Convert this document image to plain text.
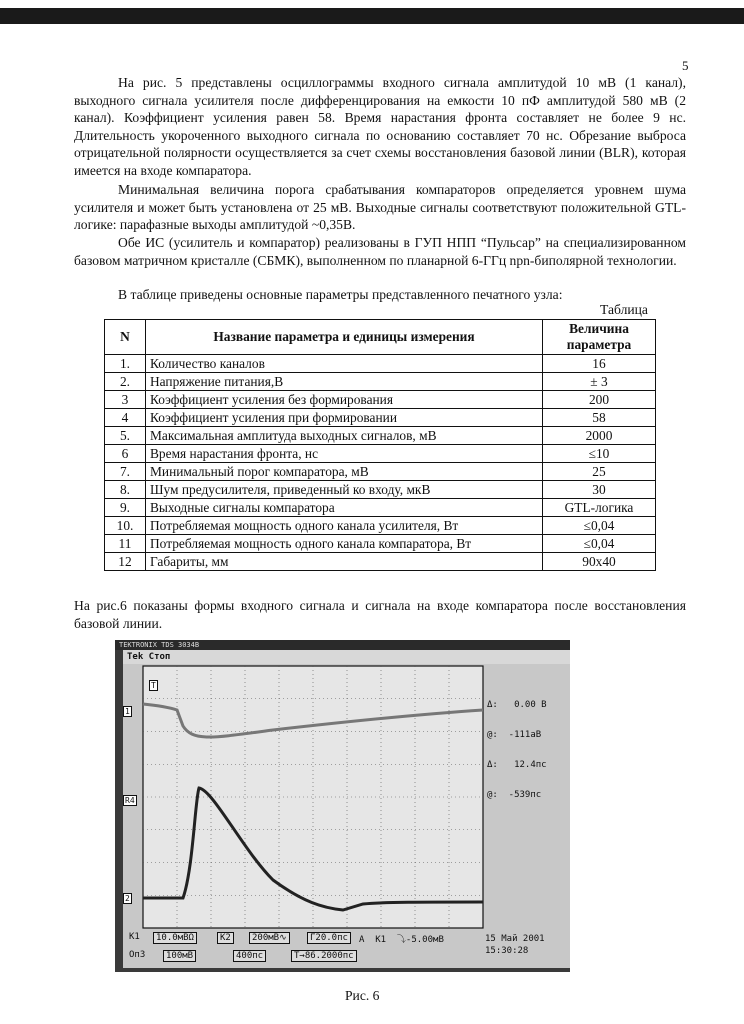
5

На рис. 5 представлены осциллограммы входного сигнала амплитудой 10 мВ (1 канал), выходного сигнала усилителя после дифференцирования на емкости 10 пФ амплитудой 580 мВ (2 канал). Коэффициент усиления равен 58. Время нарастания фронта составляет не более 9 нс. Длительность укороченного выходного сигнала по основанию составляет 70 нс. Обрезание выброса отрицательной полярности осуществляется за счет схемы восстановления базовой линии (BLR), которая имеется на входе компаратора.

Минимальная величина порога срабатывания компараторов определяется уровнем шума усилителя и может быть установлена от 25 мВ. Выходные сигналы соответствуют положительной GTL-логике: парафазные выходы амплитудой ~0,35В.

Обе ИС (усилитель и компаратор) реализованы в ГУП НПП “Пульсар” на специализированном базовом матричном кристалле (СБМК), выполненном по планарной 6-ГГц npn-биполярной технологии.

В таблице приведены основные параметры представленного печатного узла:

Таблица
N	Название параметра и единицы измерения	Величина параметра
1.	Количество каналов	16
2.	Напряжение питания,В	± 3
3	Коэффициент усиления без формирования	200
4	Коэффициент усиления при формировании	58
5.	Максимальная амплитуда выходных сигналов, мВ	2000
6	Время нарастания фронта, нс	≤10
7.	Минимальный порог компаратора, мВ	25
8.	Шум предусилителя, приведенный ко входу, мкВ	30
9.	Выходные сигналы компаратора	GTL-логика
10.	Потребляемая мощность одного канала усилителя, Вт	≤0,04
11	Потребляемая мощность одного канала компаратора, Вт	≤0,04
12	Габариты, мм	90x40

На рис.6 показаны формы входного сигнала и сигнала на входе компаратора после восстановления базовой линии.

TEKTRONIX TDS 3034B
Tek Стоп
T
1
R4
2

Δ:   0.00 В

@:  -111аВ

Δ:   12.4пс

@:  -539пс

K1	10.0мВΩ	К2	200мВ∿	Г20.0пс	A  K1  ⤵-5.00мВ
Оп3	100мВ	400пс	T→86.2000пс
15 Май 2001
15:30:28
Рис. 6
